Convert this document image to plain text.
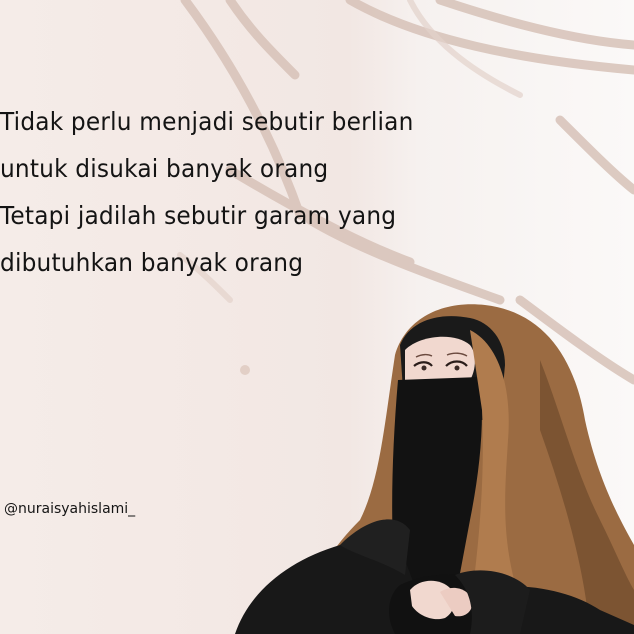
Tidak perlu menjadi sebutir berlian
untuk disukai banyak orang
Tetapi jadilah sebutir garam yang
dibutuhkan banyak orang
@nuraisyahislami_
